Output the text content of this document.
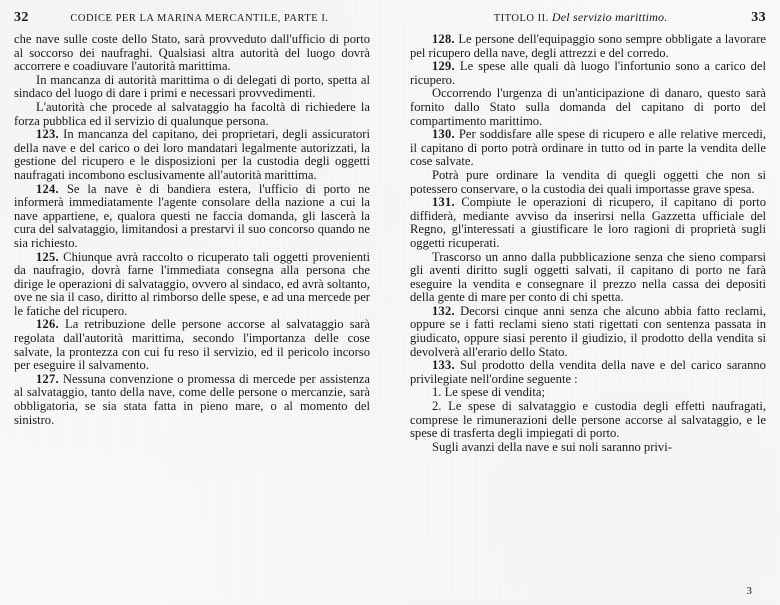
32	CODICE PER LA MARINA MERCANTILE, PARTE I.

che nave sulle coste dello Stato, sarà provveduto dall'ufficio di porto al soccorso dei naufraghi. Qualsiasi altra autorità del luogo dovrà accorrere e coadiuvare l'autorità marittima.

In mancanza di autorità marittima o di delegati di porto, spetta al sindaco del luogo di dare i primi e necessari provvedimenti.

L'autorità che procede al salvataggio ha facoltà di richiedere la forza pubblica ed il servizio di qualunque persona.

123. In mancanza del capitano, dei proprietari, degli assicuratori della nave e del carico o dei loro mandatari legalmente autorizzati, la gestione del ricupero e le disposizioni per la custodia degli oggetti naufragati incombono esclusivamente all'autorità marittima.

124. Se la nave è di bandiera estera, l'ufficio di porto ne informerà immediatamente l'agente consolare della nazione a cui la nave appartiene, e, qualora questi ne faccia domanda, gli lascerà la cura del salvataggio, limitandosi a prestarvi il suo concorso quando ne sia richiesto.

125. Chiunque avrà raccolto o ricuperato tali oggetti provenienti da naufragio, dovrà farne l'immediata consegna alla persona che dirige le operazioni di salvataggio, ovvero al sindaco, ed avrà soltanto, ove ne sia il caso, diritto al rimborso delle spese, e ad una mercede per le fatiche del ricupero.

126. La retribuzione delle persone accorse al salvataggio sarà regolata dall'autorità marittima, secondo l'importanza delle cose salvate, la prontezza con cui fu reso il servizio, ed il pericolo incorso per eseguire il salvamento.

127. Nessuna convenzione o promessa di mercede per assistenza al salvataggio, tanto della nave, come delle persone o mercanzie, sarà obbligatoria, se sia stata fatta in pieno mare, o al momento del sinistro.

33
TITOLO II. Del servizio marittimo.

128. Le persone dell'equipaggio sono sempre obbligate a lavorare pel ricupero della nave, degli attrezzi e del corredo.

129. Le spese alle quali dà luogo l'infortunio sono a carico del ricupero.

Occorrendo l'urgenza di un'anticipazione di danaro, questo sarà fornito dallo Stato sulla domanda del capitano di porto del compartimento marittimo.

130. Per soddisfare alle spese di ricupero e alle relative mercedi, il capitano di porto potrà ordinare in tutto od in parte la vendita delle cose salvate.

Potrà pure ordinare la vendita di quegli oggetti che non si potessero conservare, o la custodia dei quali importasse grave spesa.

131. Compiute le operazioni di ricupero, il capitano di porto diffiderà, mediante avviso da inserirsi nella Gazzetta ufficiale del Regno, gl'interessati a giustificare le loro ragioni di proprietà sugli oggetti ricuperati.

Trascorso un anno dalla pubblicazione senza che sieno comparsi gli aventi diritto sugli oggetti salvati, il capitano di porto ne farà eseguire la vendita e consegnare il prezzo nella cassa dei depositi della gente di mare per conto di chi spetta.

132. Decorsi cinque anni senza che alcuno abbia fatto reclami, oppure se i fatti reclami sieno stati rigettati con sentenza passata in giudicato, oppure siasi perento il giudizio, il prodotto della vendita si devolverà all'erario dello Stato.

133. Sul prodotto della vendita della nave e del carico saranno privilegiate nell'ordine seguente :

1. Le spese di vendita;

2. Le spese di salvataggio e custodia degli effetti naufragati, comprese le rimunerazioni delle persone accorse al salvataggio, e le spese di trasferta degli impiegati di porto.

Sugli avanzi della nave e sui noli saranno privi-

3
